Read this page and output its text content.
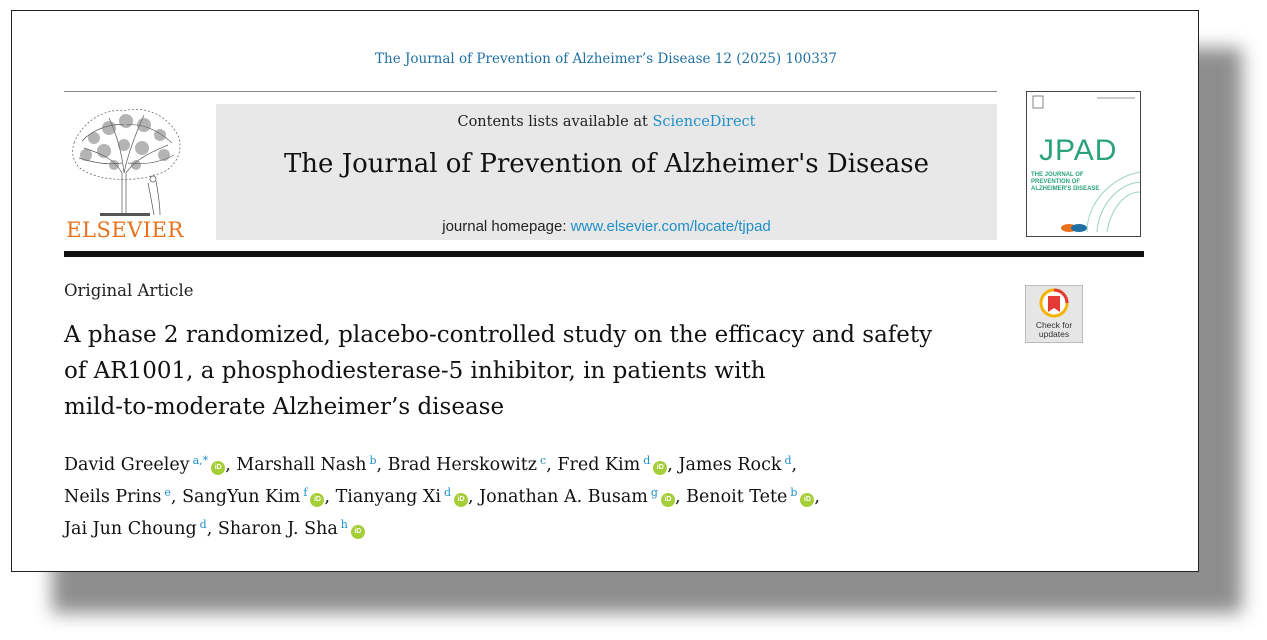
The Journal of Prevention of Alzheimer’s Disease 12 (2025) 100337
ELSEVIER
Contents lists available at ScienceDirect
The Journal of Prevention of Alzheimer's Disease
journal homepage: www.elsevier.com/locate/tjpad
JPAD
THE JOURNAL OF PREVENTION OF ALZHEIMER'S DISEASE
Original Article
A phase 2 randomized, placebo-controlled study on the efficacy and safety
of AR1001, a phosphodiesterase-5 inhibitor, in patients with
mild-to-moderate Alzheimer’s disease
Check for updates
David Greeley $^{a,*}$iD , Marshall Nash $^b$, Brad Herskowitz $^c$, Fred Kim $^d$iD , James Rock $^d$,
Neils Prins $^e$, SangYun Kim $^f$iD , Tianyang Xi $^d$iD , Jonathan A. Busam $^g$iD , Benoit Tete $^b$iD ,
Jai Jun Choung $^d$, Sharon J. Sha $^h$iD
